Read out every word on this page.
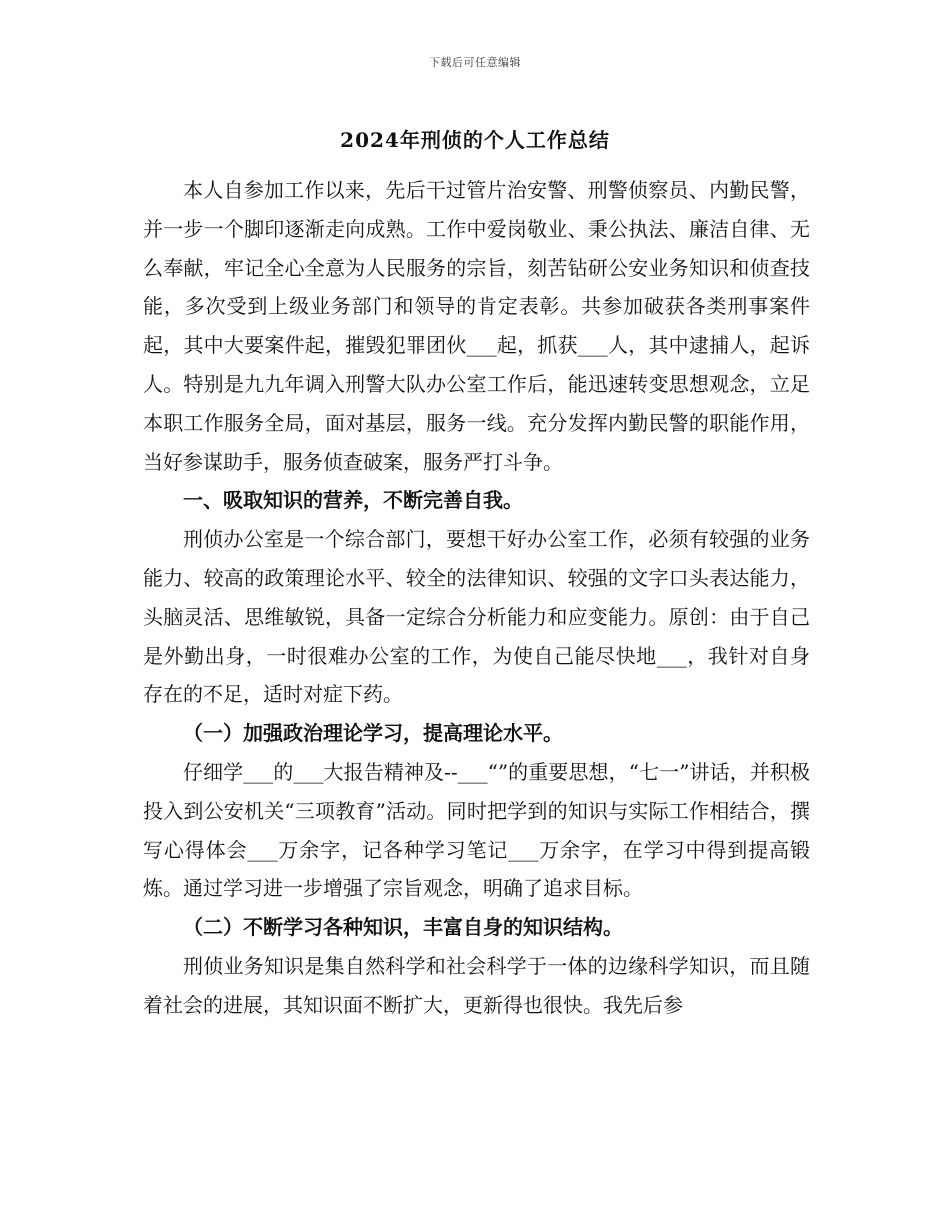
下载后可任意编辑
2024年刑侦的个人工作总结

本人自参加工作以来，先后干过管片治安警、刑警侦察员、内勤民警，并一步一个脚印逐渐走向成熟。工作中爱岗敬业、秉公执法、廉洁自律、无么奉献，牢记全心全意为人民服务的宗旨，刻苦钻研公安业务知识和侦查技能，多次受到上级业务部门和领导的肯定表彰。共参加破获各类刑事案件起，其中大要案件起，摧毁犯罪团伙___起，抓获___人，其中逮捕人，起诉人。特别是九九年调入刑警大队办公室工作后，能迅速转变思想观念，立足本职工作服务全局，面对基层，服务一线。充分发挥内勤民警的职能作用，当好参谋助手，服务侦查破案，服务严打斗争。

一、吸取知识的营养，不断完善自我。

刑侦办公室是一个综合部门，要想干好办公室工作，必须有较强的业务能力、较高的政策理论水平、较全的法律知识、较强的文字口头表达能力，头脑灵活、思维敏锐，具备一定综合分析能力和应变能力。原创：由于自己是外勤出身，一时很难办公室的工作，为使自己能尽快地___，我针对自身存在的不足，适时对症下药。

（一）加强政治理论学习，提高理论水平。

仔细学___的___大报告精神及--___“”的重要思想，“七一”讲话，并积极投入到公安机关“三项教育”活动。同时把学到的知识与实际工作相结合，撰写心得体会___万余字，记各种学习笔记___万余字，在学习中得到提高锻炼。通过学习进一步增强了宗旨观念，明确了追求目标。

（二）不断学习各种知识，丰富自身的知识结构。

刑侦业务知识是集自然科学和社会科学于一体的边缘科学知识，而且随着社会的进展，其知识面不断扩大，更新得也很快。我先后参
